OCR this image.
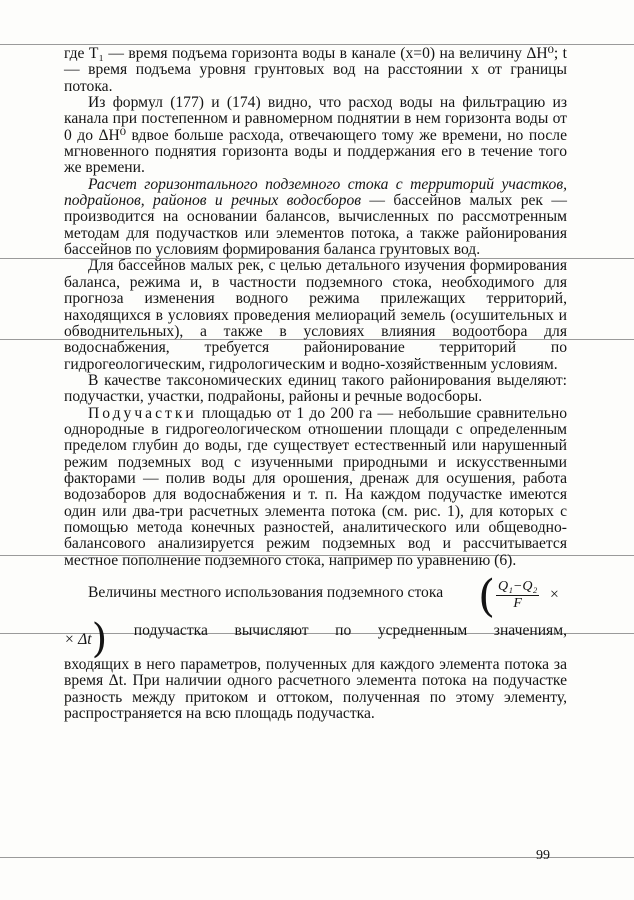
где T₁ — время подъема горизонта воды в канале (x=0) на величину ΔH⁰; t — время подъема уровня грунтовых вод на расстоянии x от границы потока.

Из формул (177) и (174) видно, что расход воды на фильтрацию из канала при постепенном и равномерном поднятии в нем горизонта воды от 0 до ΔH⁰ вдвое больше расхода, отвечающего тому же времени, но после мгновенного поднятия горизонта воды и поддержания его в течение того же времени.

Расчет горизонтального подземного стока с территорий участков, подрайонов, районов и речных водосборов — бассейнов малых рек — производится на основании балансов, вычисленных по рассмотренным методам для подучастков или элементов потока, а также районирования бассейнов по условиям формирования баланса грунтовых вод.

Для бассейнов малых рек, с целью детального изучения формирования баланса, режима и, в частности подземного стока, необходимого для прогноза изменения водного режима прилежащих территорий, находящихся в условиях проведения мелиораций земель (осушительных и обводнительных), а также в условиях влияния водоотбора для водоснабжения, требуется районирование территорий по гидрогеологическим, гидрологическим и водно-хозяйственным условиям.

В качестве таксономических единиц такого районирования выделяют: подучастки, участки, подрайоны, районы и речные водосборы.

Подучастки площадью от 1 до 200 га — небольшие сравнительно однородные в гидрогеологическом отношении площади с определенным пределом глубин до воды, где существует естественный или нарушенный режим подземных вод с изученными природными и искусственными факторами — полив воды для орошения, дренаж для осушения, работа водозаборов для водоснабжения и т. п. На каждом подучастке имеются один или два-три расчетных элемента потока (см. рис. 1), для которых с помощью метода конечных разностей, аналитического или общеводно-балансового анализируется режим подземных вод и рассчитывается местное пополнение подземного стока, например по уравнению (6).

Величины местного использования подземного стока ( $\frac{\text{Q₁−Q₂}}{F}$ ×
× Δt) подучастка вычисляют по усредненным значениям,

входящих в него параметров, полученных для каждого элемента потока за время Δt. При наличии одного расчетного элемента потока на подучастке разность между притоком и оттоком, полученная по этому элементу, распространяется на всю площадь подучастка.

99
